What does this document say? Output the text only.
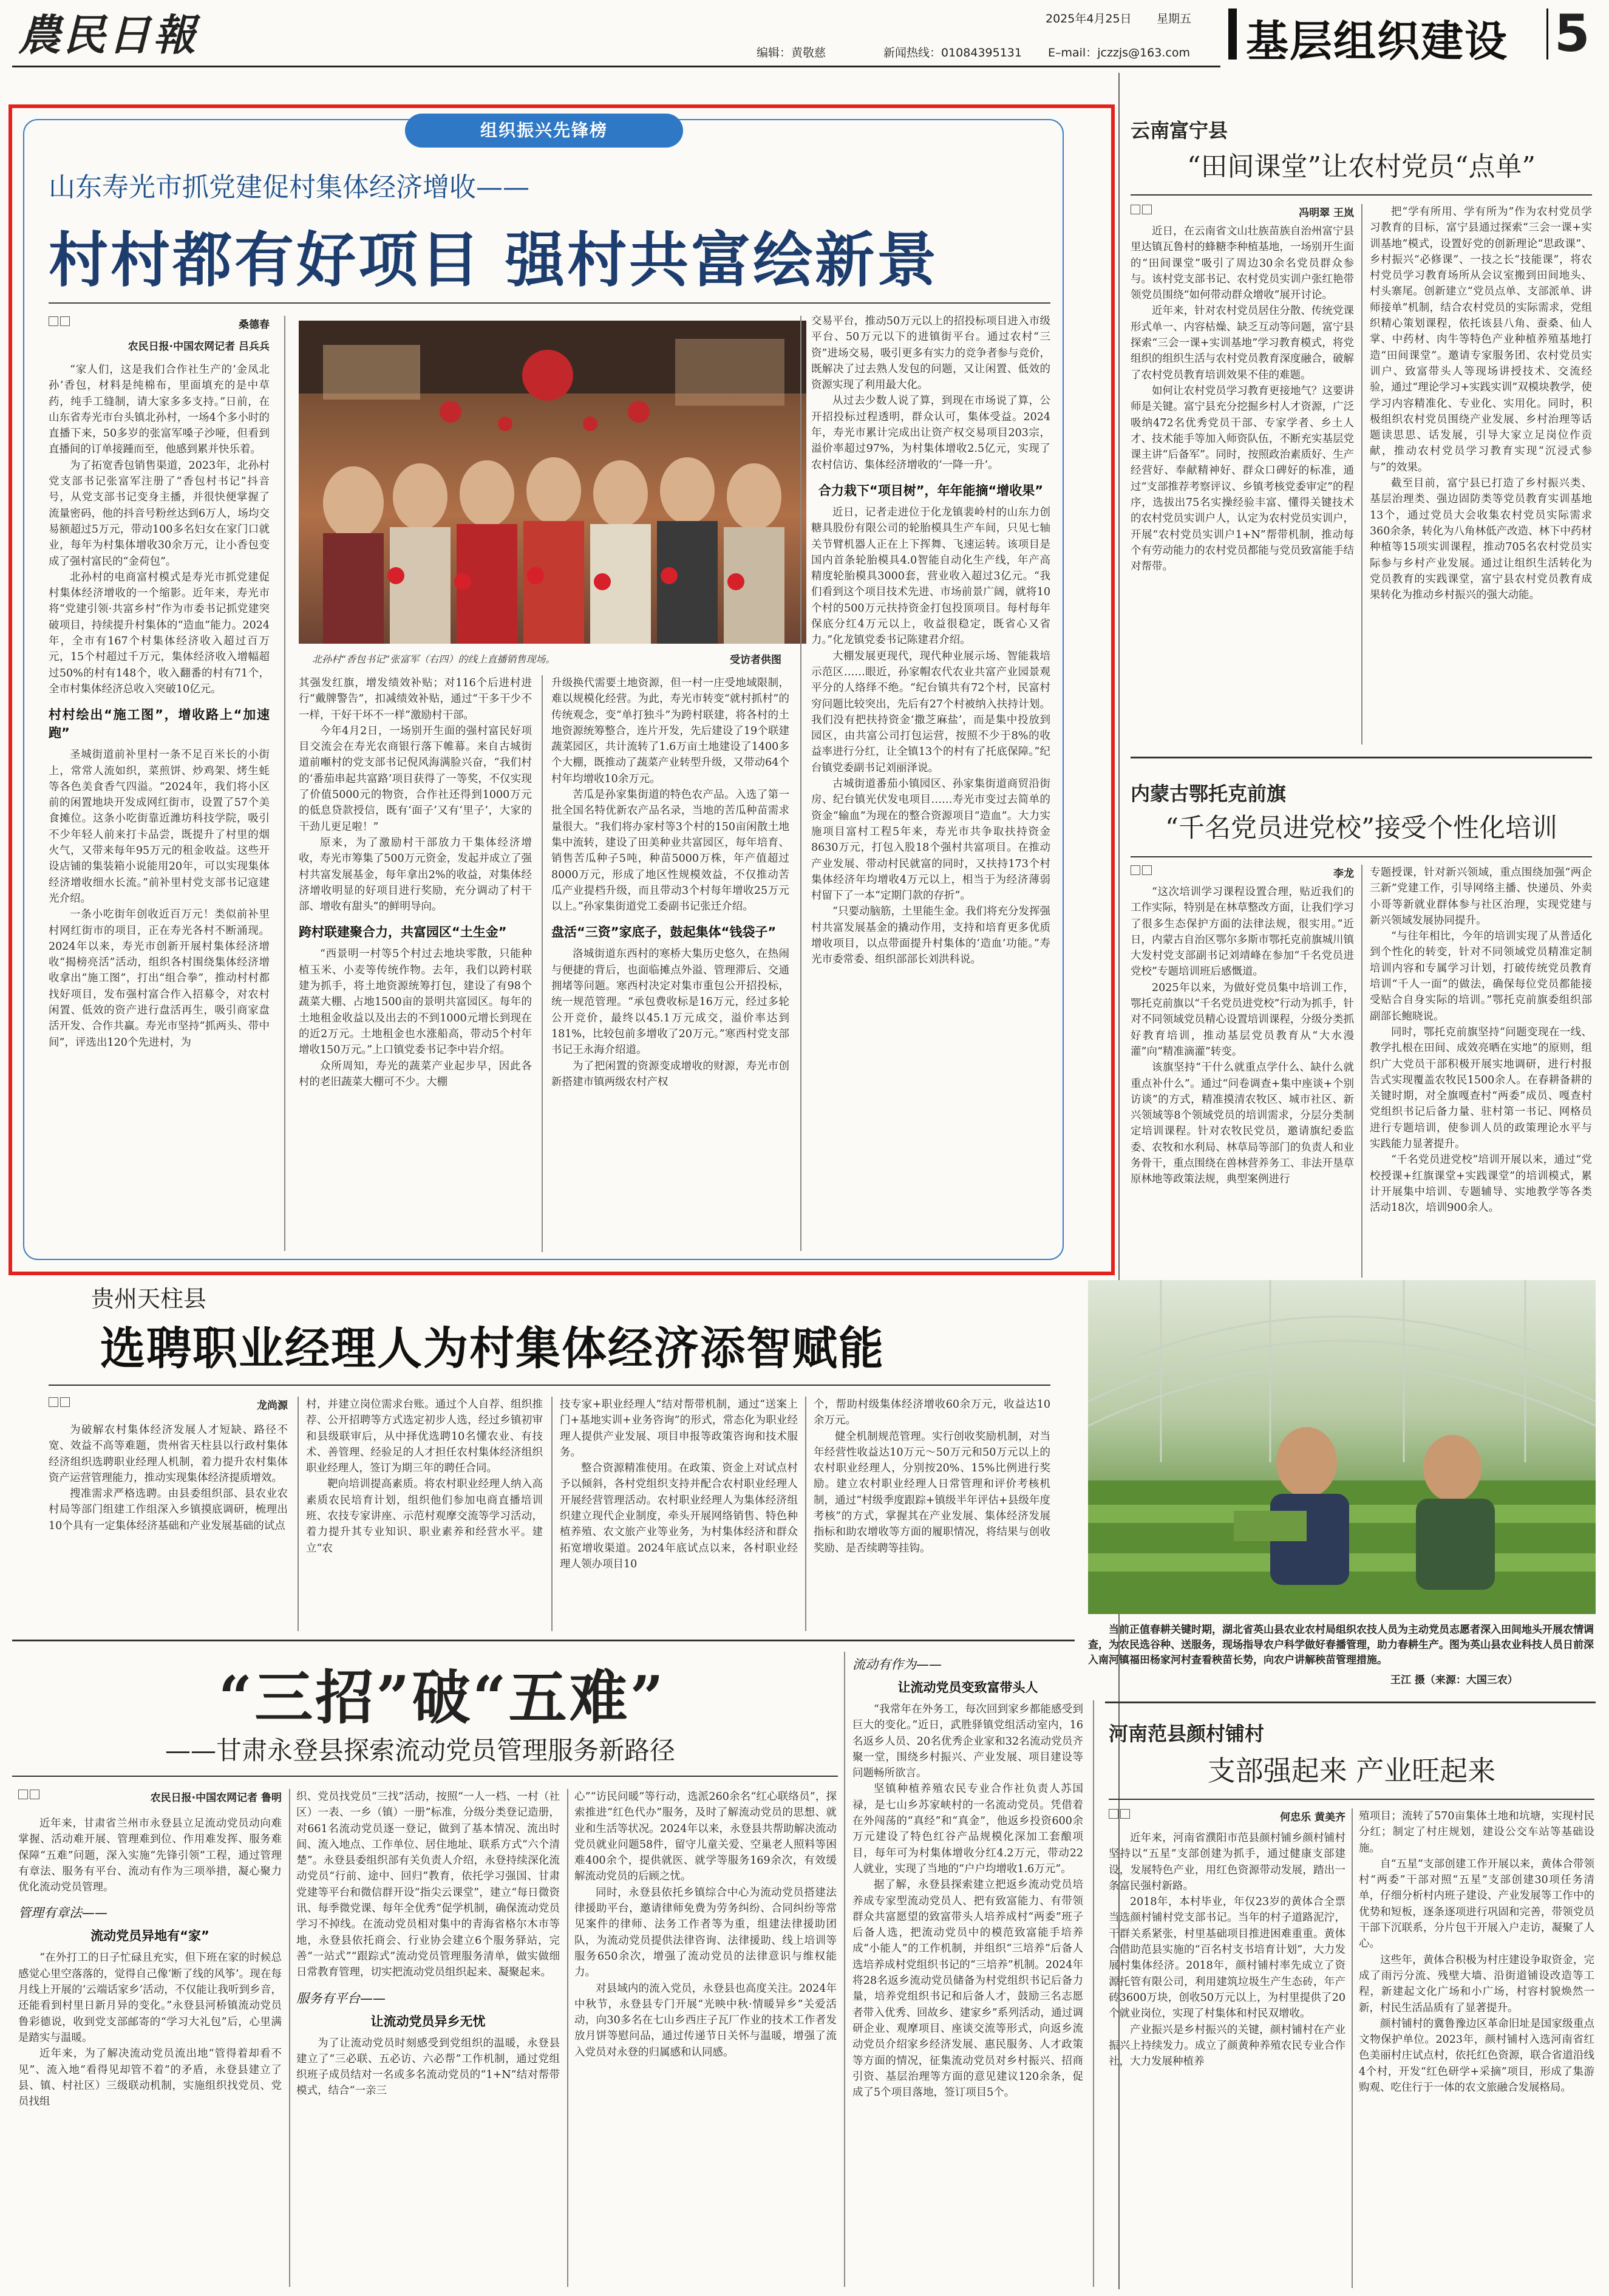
農民日報	2025年4月25日 星期五
编辑：黄敬慈	新闻热线：01084395131 E–mail：jczzjs@163.com 基层组织建设 5
组织振兴先锋榜
山东寿光市抓党建促村集体经济增收——
村村都有好项目 强村共富绘新景
桑德春
农民日报·中国农网记者 吕兵兵

“家人们，这是我们合作社生产的‘金凤北孙’香包，材料是纯棉布，里面填充的是中草药，纯手工缝制，请大家多多支持。”日前，在山东省寿光市台头镇北孙村，一场4个多小时的直播下来，50多岁的张富军嗓子沙哑，但看到直播间的订单接踵而至，他感到累并快乐着。

为了拓宽香包销售渠道，2023年，北孙村党支部书记张富军注册了“香包村书记”抖音号，从党支部书记变身主播，并很快便掌握了流量密码，他的抖音号粉丝达到6万人，场均交易额超过5万元，带动100多名妇女在家门口就业，每年为村集体增收30余万元，让小香包变成了强村富民的“金荷包”。

北孙村的电商富村模式是寿光市抓党建促村集体经济增收的一个缩影。近年来，寿光市将“党建引领·共富乡村”作为市委书记抓党建突破项目，持续提升村集体的“造血”能力。2024年，全市有167个村集体经济收入超过百万元，15个村超过千万元，集体经济收入增幅超过50%的村有148个，收入翻番的村有71个，全市村集体经济总收入突破10亿元。

村村绘出“施工图”，增收路上“加速跑”

圣城街道前补里村一条不足百米长的小街上，常常人流如织，菜煎饼、炒鸡架、烤生蚝等各色美食香气四溢。“2024年，我们将小区前的闲置地块开发成网红街市，设置了57个美食摊位。这条小吃街靠近潍坊科技学院，吸引不少年轻人前来打卡品尝，既提升了村里的烟火气，又带来每年95万元的租金收益。这些开设店铺的集装箱小说能用20年，可以实现集体经济增收细水长流。”前补里村党支部书记寇建光介绍。

一条小吃街年创收近百万元！类似前补里村网红街市的项目，正在寿光各村不断涌现。2024年以来，寿光市创新开展村集体经济增收“揭榜亮活”活动，组织各村围绕集体经济增收拿出“施工图”，打出“组合拳”，推动村村都找好项目，发布强村富合作入招募令，对农村闲置、低效的资产进行盘活再生，吸引商家盘活开发、合作共赢。寿光市坚持“抓两头、带中间”，评选出120个先进村，为

北孙村“香包书记”张富军（右四）的线上直播销售现场。	受访者供图

其强发红旗，增发绩效补贴；对116个后进村进行“戴牌警告”，扣减绩效补贴，通过“干多干少不一样，干好干坏不一样”激励村干部。

今年4月2日，一场别开生面的强村富民好项目交流会在寿光农商银行落下帷幕。来自古城街道前噸村的党支部书记倪风海满脸兴奋，“我们村的‘番茄串起共富路’项目获得了一等奖，不仅实现了价值5000元的物资，合作社还得到1000万元的低息贷款授信，既有‘面子’又有‘里子’，大家的干劲儿更足啦！”

原来，为了激励村干部放力干集体经济增收，寿光市筹集了500万元资金，发起并成立了强村共富发展基金，每年拿出2%的收益，对集体经济增收明显的好项目进行奖励，充分调动了村干部、增收有甜头”的鲜明导向。

跨村联建聚合力，共富园区“土生金”

“西景明一村等5个村过去地块零散，只能种植玉米、小麦等传统作物。去年，我们以跨村联建为抓手，将土地资源统筹打包，建设了有98个蔬菜大棚、占地1500亩的景明共富园区。每年的土地租金收益以及出去的不到1000元增长到现在的近2万元。土地租金也水涨船高，带动5个村年增收150万元。”上口镇党委书记李中岩介绍。

众所周知，寿光的蔬菜产业起步早，因此各村的老旧蔬菜大棚可不少。大棚

升级换代需要土地资源，但一村一庄受地域限制，难以规模化经营。为此，寿光市转变“就村抓村”的传统观念，变“单打独斗”为跨村联建，将各村的土地资源统筹整合，连片开发，先后建设了19个联建蔬菜园区，共计流转了1.6万亩土地建设了1400多个大棚，既推动了蔬菜产业转型升级，又带动64个村年均增收10余万元。

苦瓜是孙家集街道的特色农产品。入选了第一批全国名特优新农产品名录，当地的苦瓜种苗需求量很大。“我们将办家村等3个村的150亩闲散土地集中流转，建设了田美种业共富园区，每年培育、销售苦瓜种子5吨，种苗5000万株，年产值超过8000万元，形成了地区性规模效益，不仅推动苦瓜产业提档升级，而且带动3个村每年增收25万元以上。”孙家集街道党工委副书记张迁介绍。

盘活“三资”家底子，鼓起集体“钱袋子”

洛城街道东西村的寒桥大集历史悠久，在热闹与便捷的背后，也面临摊点外溢、管理滞后、交通拥堵等问题。寒西村决定对集市重包公开招投标，统一规范管理。“承包费收标是16万元，经过多轮公开竞价，最终以45.1万元成交，溢价率达到181%，比较包前多增收了20万元。”寒西村党支部书记王永海介绍道。

为了把闲置的资源变成增收的财源，寿光市创新搭建市镇两级农村产权

交易平台，推动50万元以上的招投标项目进入市级平台、50万元以下的进镇街平台。通过农村“三资”进场交易，吸引更多有实力的竞争者参与竞价，既解决了过去熟人发包的问题，又让闲置、低效的资源实现了利用最大化。

从过去少数人说了算，到现在市场说了算，公开招投标过程透明，群众认可，集体受益。2024年，寿光市累计完成出让资产权交易项目203宗，溢价率超过97%，为村集体增收2.5亿元，实现了农村信访、集体经济增收的‘一降一升’。

合力栽下“项目树”，年年能摘“增收果”

近日，记者走进位于化龙镇裴岭村的山东力创糖具股份有限公司的轮胎模具生产车间，只见七轴关节臂机器人正在上下挥舞、飞速运转。该项目是国内首条轮胎模具4.0智能自动化生产线，年产高精度轮胎模具3000套，营业收入超过3亿元。“我们看到这个项目技术先进、市场前景广阔，就将10个村的500万元扶持资金打包投顶项目。每村每年保底分红4万元以上，收益很稳定，既省心又省力。”化龙镇党委书记陈建君介绍。

大棚发展更现代，现代种业展示场、智能栽培示范区……眼近，孙家帽农代农业共富产业园景观平分的人络绎不绝。“纪台镇共有72个村，民富村穷问题比较突出，先后有27个村被纳入扶持计划。我们没有把扶持资金‘撒芝麻盐’，而是集中投放到园区，由共富公司打包运营，按照不少于8%的收益率进行分红，让全镇13个的村有了托底保障。”纪台镇党委副书记刘丽泽说。

古城街道番茄小镇园区、孙家集街道商贸沿街房、纪台镇光伏发电项目……寿光市变过去简单的资金“输血”为现在的整合资源项目“造血”。大力实施项目富村工程5年来，寿光市共争取扶持资金8630万元，打包入股18个强村共富项目。在推动产业发展、带动村民就富的同时，又扶持173个村集体经济年均增收4万元以上，相当于为经济薄弱村留下了一本“定期门款的存折”。

“只要动脑筋，土里能生金。我们将充分发挥强村共富发展基金的撬动作用，支持和培育更多优质增收项目，以点带面提升村集体的‘造血’功能。”寿光市委常委、组织部部长刘洪科说。

云南富宁县
“田间课堂”让农村党员“点单”
冯明翠 王岚

近日，在云南省文山壮族苗族自治州富宁县里达镇瓦鲁村的蜂糖李种植基地，一场别开生面的“田间课堂”吸引了周边30余名党员群众参与。该村党支部书记、农村党员实训户张红艳带领党员围绕“如何带动群众增收”展开讨论。

近年来，针对农村党员居住分散、传统党课形式单一、内容枯燥、缺乏互动等问题，富宁县探索“三会一课+实训基地”学习教育模式，将党组织的组织生活与农村党员教育深度融合，破解了农村党员教育培训效果不佳的难题。

如何让农村党员学习教育更接地气？这要讲师是关键。富宁县充分挖掘乡村人才资源，广泛吸纳472名优秀党员干部、专家学者、乡土人才、技术能手等加入师资队伍，不断充实基层党课主讲“后备军”。同时，按照政治素质好、生产经营好、奉献精神好、群众口碑好的标准，通过“支部推荐考察评议、乡镇考核党委审定”的程序，选拔出75名实操经验丰富、懂得关键技术的农村党员实训户人，认定为农村党员实训户，开展“农村党员实训户1+N”帮带机制，推动每个有劳动能力的农村党员都能与党员致富能手结对帮带。

把“学有所用、学有所为”作为农村党员学习教育的目标，富宁县通过探索“三会一课+实训基地”模式，设置好党的创新理论“思政课”、乡村振兴“必修课”、一技之长“技能课”，将农村党员学习教育场所从会议室搬到田间地头、村头寨尾。创新建立“党员点单、支部派单、讲师接单”机制，结合农村党员的实际需求，党组织精心策划课程，依托该县八角、蚕桑、仙人掌、中药材、肉牛等特色产业种植养殖基地打造“田间课堂”。邀请专家服务团、农村党员实训户、致富带头人等现场讲授技术、交流经验，通过“理论学习+实践实训”双模块教学，使学习内容精准化、专业化、实用化。同时，积极组织农村党员围绕产业发展、乡村治理等话题读思思、话发展，引导大家立足岗位作贡献，推动农村党员学习教育实现“沉浸式参与”的效果。

截至目前，富宁县已打造了乡村振兴类、基层治理类、强边固防类等党员教育实训基地13个，通过党员大会收集农村党员实际需求360余条，转化为八角林低产改造、林下中药材种植等15项实训课程，推动705名农村党员实际参与乡村产业发展。通过让组织生活转化为党员教育的实践课堂，富宁县农村党员教育成果转化为推动乡村振兴的强大动能。

内蒙古鄂托克前旗
“千名党员进党校”接受个性化培训
李龙

“这次培训学习课程设置合理，贴近我们的工作实际，特别是在林草整改方面，让我们学习了很多生态保护方面的法律法规，很实用。”近日，内蒙古自治区鄂尔多斯市鄂托克前旗城川镇大发村党支部副书记刘靖峰在参加“千名党员进党校”专题培训班后感慨道。

2025年以来，为做好党员集中培训工作，鄂托克前旗以“千名党员进党校”行动为抓手，针对不同领域党员精心设置培训课程，分级分类抓好教育培训，推动基层党员教育从“大水漫灌”向“精准滴灌”转变。

该旗坚持“干什么就重点学什么、缺什么就重点补什么”。通过“问卷调查+集中座谈+个别访谈”的方式，精准摸清农牧区、城市社区、新兴领域等8个领域党员的培训需求，分层分类制定培训课程。针对农牧民党员，邀请旗纪委监委、农牧和水利局、林草局等部门的负责人和业务骨干，重点围绕在兽林营养务工、非法开垦草原林地等政策法规，典型案例进行

专题授课，针对新兴领域，重点围绕加强“两企三新”党建工作，引导网络主播、快递员、外卖小哥等新就业群体参与社区治理，实现党建与新兴领域发展协同提升。

“与往年相比，今年的培训实现了从普适化到个性化的转变，针对不同领域党员精准定制培训内容和专属学习计划，打破传统党员教育培训“千人一面”的做法，确保每位党员都能接受贴合自身实际的培训。”鄂托克前旗委组织部副部长鲍晓说。

同时，鄂托克前旗坚持“问题变现在一线、教学扎根在田间、成效亮晒在实地”的原则，组织广大党员干部积极开展实地调研，进行村报告式实现覆盖农牧民1500余人。在春耕备耕的关键时期，对全旗嘎查村“两委”成员、嘎查村党组织书记后备力量、驻村第一书记、网格员进行专题培训，使参训人员的政策理论水平与实践能力显著提升。

“千名党员进党校”培训开展以来，通过“党校授课+红旗课堂+实践课堂”的培训模式，累计开展集中培训、专题辅导、实地教学等各类活动18次，培训900余人。

贵州天柱县
选聘职业经理人为村集体经济添智赋能
龙尚源

为破解农村集体经济发展人才短缺、路径不宽、效益不高等难题，贵州省天柱县以行政村集体经济组织选聘职业经理人机制，着力提升农村集体资产运营管理能力，推动实现集体经济提质增效。

搜准需求严格选聘。由县委组织部、县农业农村局等部门组建工作组深入乡镇摸底调研，梳理出10个具有一定集体经济基础和产业发展基础的试点

村，并建立岗位需求台账。通过个人自荐、组织推荐、公开招聘等方式选定初步人选，经过乡镇初审和县级联审后，从中择优选聘10名懂农业、有技术、善管理、经验足的人才担任农村集体经济组织职业经理人，签订为期三年的聘任合同。

靶向培训提高素质。将农村职业经理人纳入高素质农民培育计划，组织他们参加电商直播培训班、农技专家讲座、示范村观摩交流等学习活动，着力提升其专业知识、职业素养和经营水平。建立“农

技专家+职业经理人”结对帮带机制，通过“送案上门+基地实训+业务咨询”的形式，常态化为职业经理人提供产业发展、项目申报等政策咨询和技术服务。

整合资源精准使用。在政策、资金上对试点村予以倾斜，各村党组织支持并配合农村职业经理人开展经营管理活动。农村职业经理人为集体经济组织建立现代企业制度，牵头开展网络销售、特色种植养殖、农文旅产业等业务，为村集体经济和群众拓宽增收渠道。2024年底试点以来，各村职业经理人领办项目10

个，帮助村级集体经济增收60余万元，收益达10余万元。

健全机制规范管理。实行创收奖励机制，对当年经营性收益达10万元～50万元和50万元以上的农村职业经理人，分别按20%、15%比例进行奖励。建立农村职业经理人日常管理和评价考核机制，通过“村级季度跟踪+镇级半年评估+县级年度考核”的方式，掌握其在产业发展、集体经济发展指标和助农增收等方面的履职情况，将结果与创收奖励、是否续聘等挂钩。

当前正值春耕关键时期，湖北省英山县农业农村局组织农技人员为主动党员志愿者深入田间地头开展农情调查，为农民选谷种、送服务，现场指导农户科学做好春播管理，助力春耕生产。图为英山县农业科技人员日前深入南河镇福田杨家河村查看秧苗长势，向农户讲解秧苗管理措施。
王江 摄（来源：大国三农）
“三招”破“五难”
——甘肃永登县探索流动党员管理服务新路径
农民日报·中国农网记者 鲁明

近年来，甘肃省兰州市永登县立足流动党员动向难掌握、活动难开展、管理难到位、作用难发挥、服务难保障“五难”问题，深入实施“先锋引领”工程，通过管理有章法、服务有平台、流动有作为三项举措，凝心聚力优化流动党员管理。

管理有章法——
流动党员异地有“家”

“在外打工的日子忙碌且充实，但下班在家的时候总感觉心里空落落的，觉得自己像‘断了线的风筝’。现在每月线上开展的‘云端话家乡’活动，不仅能让我听到乡音，还能看到村里日新月异的变化。”永登县河桥镇流动党员鲁彩德说，收到党支部邮寄的“学习大礼包”后，心里满是踏实与温暖。

近年来，为了解决流动党员流出地“管得着却看不见”、流入地“看得见却管不着”的矛盾，永登县建立了县、镇、村社区）三级联动机制，实施组织找党员、党员找组

织、党员找党员“三找”活动，按照“一人一档、一村（社区）一表、一乡（镇）一册”标准，分级分类登记造册，对661名流动党员逐一登记，做到了基本情况、流出时间、流入地点、工作单位、居住地址、联系方式“六个清楚”。永登县委组织部有关负责人介绍，永登持续深化流动党员“行前、途中、回归”教育，依托学习强国、甘肃党建等平台和微信群开设“指尖云课堂”，建立“每日微资讯、每季微党课、每年全优秀”促学机制，确保流动党员学习不掉线。在流动党员相对集中的青海省格尔木市等地，永登县依托商会、行业协会建立6个服务驿站，完善“一站式”“跟踪式”流动党员管理服务清单，做实做细日常教育管理，切实把流动党员组织起来、凝聚起来。

服务有平台——
让流动党员异乡无忧

为了让流动党员时刻感受到党组织的温暖，永登县建立了“三必联、五必访、六必帮”工作机制，通过党组织班子成员结对一名或多名流动党员的“1+N”结对帮带模式，结合“一亲三

心”“访民问暖”等行动，选派260余名“红心联络员”，探索推进“红色代办”服务，及时了解流动党员的思想、就业和生活等状况。2024年以来，永登县共帮助解决流动党员就业问题58件，留守儿童关爱、空巢老人照料等困难400余个，提供就医、就学等服务169余次，有效缓解流动党员的后顾之忧。

同时，永登县依托乡镇综合中心为流动党员搭建法律援助平台，邀请律师免费为劳务纠纷、合同纠纷等常见案件的律师、法务工作者等为重，组建法律援助团队，为流动党员提供法律咨询、法律援助、线上培训等服务650余次，增强了流动党员的法律意识与维权能力。

对县域内的流入党员，永登县也高度关注。2024年中秋节，永登县专门开展“光映中秋·情暖异乡”关爱活动，向30多名在七山乡西庄子瓦厂作业的技术工作者发放月饼等慰问品，通过传递节日关怀与温暖，增强了流入党员对永登的归属感和认同感。

流动有作为——
让流动党员变致富带头人

“我常年在外务工，每次回到家乡都能感受到巨大的变化。”近日，武胜驿镇党组活动室内，16名返乡人员、20名优秀企业家和32名流动党员齐聚一堂，围绕乡村振兴、产业发展、项目建设等问题畅所欲言。

坚镇种植养殖农民专业合作社负责人苏国禄，是七山乡苏家峡村的一名流动党员。凭借着在外闯荡的“真经”和“真金”，他返乡投资600余万元建设了特色红谷产品规模化深加工套酿项目，每年可为村集体增收分红4.2万元，带动22人就业，实现了当地的“户户均增收1.6万元”。

据了解，永登县探索建立把返乡流动党员培养成专家型流动党员人、把有致富能力、有带领群众共富愿望的致富带头人培养成村“两委”班子后备人选，把流动党员中的模范致富能手培养成“小能人”的工作机制，并组织“三培养”后备人选培养成村党组织书记的“三培养”机制。2024年将28名返乡流动党员储备为村党组织书记后备力量，培养党组织书记和后备人才，鼓励三名志愿者带入优秀、回故乡、建家乡”系列活动，通过调研企业、观摩项目、座谈交流等形式，向返乡流动党员介绍家乡经济发展、惠民服务、人才政策等方面的情况，征集流动党员对乡村振兴、招商引资、基层治理等方面的意见建议120余条，促成了5个项目落地，签订项目5个。

河南范县颜村铺村
支部强起来 产业旺起来
何忠乐 黄美齐

近年来，河南省濮阳市范县颜村铺乡颜村铺村坚持以“五星”支部创建为抓手，通过健康支部建设，发展特色产业，用红色资源带动发展，踏出一条富民强村新路。

2018年，本村毕业，年仅23岁的黄体合全票当选颜村铺村党支部书记。当年的村子道路泥泞，干群关系紧张，村里基础项目推进困难重重。黄体合借助范县实施的“百名村支书培育计划”，大力发展村集体经济。2018年，颜村铺村率先成立了资源托管有限公司，利用建筑垃圾生产生态砖，年产砖3600万块，创收50万元以上，为村里提供了20个就业岗位，实现了村集体和村民双增收。

产业振兴是乡村振兴的关键，颜村铺村在产业振兴上持续发力。成立了颜黄种养殖农民专业合作社，大力发展种植养

殖项目；流转了570亩集体土地和坑塘，实现村民分红；制定了村庄规划，建设公交车站等基础设施。

自“五星”支部创建工作开展以来，黄体合带领村“两委”干部对照“五星”支部创建30项任务清单，仔细分析村内班子建设、产业发展等工作中的优势和短板，逐条逐项进行巩固和完善，带领党员干部下沉联系，分片包干开展入户走访，凝聚了人心。

这些年，黄体合积极为村庄建设争取资金，完成了雨污分流、残壁大墙、沿街道铺设改造等工程，新建起文化广场和小广场，村容村貌焕然一新，村民生活品质有了显著提升。

颜村铺村的冀鲁豫边区革命旧址是国家级重点文物保护单位。2023年，颜村铺村入选河南省红色美丽村庄试点村，依托红色资源，联合省道沿线4个村，开发“红色研学+采摘”项目，形成了集游购观、吃住行于一体的农文旅融合发展格局。
